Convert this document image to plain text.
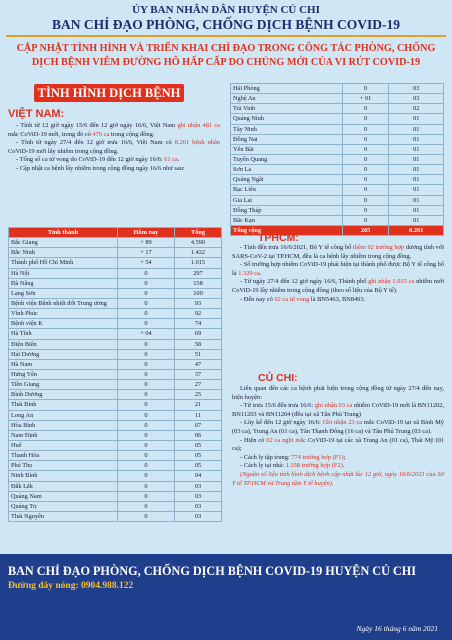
ỦY BAN NHÂN DÂN HUYỆN CỦ CHI
BAN CHỈ ĐẠO PHÒNG, CHỐNG DỊCH BỆNH COVID-19
CẬP NHẬT TÌNH HÌNH VÀ TRIỂN KHAI CHỈ ĐẠO TRONG CÔNG TÁC PHÒNG, CHỐNG
DỊCH BỆNH VIÊM ĐƯỜNG HÔ HẤP CẤP DO CHỦNG MỚI CỦA VI RÚT COVID-19
TÌNH HÌNH DỊCH BỆNH
VIỆT NAM:
- Tính từ 12 giờ ngày 15/6 đến 12 giờ ngày 16/6, Việt Nam ghi nhận 481 ca mắc CoViD-19 mới, trong đó có 476 ca trong cộng đồng.
- Tính từ ngày 27/4 đến 12 giờ trưa 16/6, Việt Nam có 8.261 bệnh nhân CoViD-19 mới lây nhiễm trong cộng đồng.
- Tổng số ca tử vong do CoViD-19 đến 12 giờ ngày 16/6: 61 ca.
- Cập nhật ca bệnh lây nhiễm trong cộng đồng ngày 16/6 như sau:
Tỉnh thành	Hôm nay	Tổng
Bắc Giang	+ 89	4.590
Bắc Ninh	+ 17	1.432
Thành phố Hồ Chí Minh	+ 54	1.015
Hà Nội	0	297
Đà Nẵng	0	158
Lạng Sơn	0	100
Bệnh viện Bệnh nhiệt đới Trung ương	0	93
Vĩnh Phúc	0	92
Bệnh viện K	0	74
Hà Tĩnh	+ 04	69
Điện Biên	0	58
Hải Dương	0	51
Hà Nam	0	47
Hưng Yên	0	37
Tiền Giang	0	27
Bình Dương	0	25
Thái Bình	0	21
Long An	0	11
Hòa Bình	0	07
Nam Định	0	06
Huế	0	05
Thanh Hóa	0	05
Phú Thọ	0	05
Ninh Bình	0	04
Đắk Lắk	0	03
Quảng Nam	0	03
Quảng Trị	0	03
Thái Nguyên	0	03
Hải Phòng	0	03
Nghệ An	+ 01	03
Trà Vinh	0	02
Quảng Ninh	0	01
Tây Ninh	0	01
Đồng Nai	0	01
Yên Bái	0	01
Tuyên Quang	0	01
Sơn La	0	01
Quảng Ngãi	0	01
Bạc Liêu	0	01
Gia Lai	0	01
Đồng Tháp	0	01
Bắc Kạn	0	01
Tổng cộng	265	8.261
TPHCM:
- Tính đến trưa 16/6/2021, Bộ Y tế công bố thêm 92 trường hợp dương tính với SARS-CoV-2 tại TP.HCM, đều là ca bệnh lây nhiễm trong cộng đồng.
- Số trường hợp nhiễm CoViD-19 phát hiện tại thành phố được Bộ Y tế công bố là 1.329 ca.
- Từ ngày 27/4 đến 12 giờ ngày 16/6, Thành phố ghi nhận 1.015 ca nhiễm mới CoViD-19 lây nhiễm trong cộng đồng (theo số liệu của Bộ Y tế).
- Đến nay có 02 ca tử vong là BN5463, BN8493.
CỦ CHI:
Liên quan đến các ca bệnh phát hiện trong cộng đồng từ ngày 27/4 đến nay, hiện huyện:
- Từ trưa 15/6 đến trưa 16/6: ghi nhận 03 ca nhiễm CoViD-19 mới là BN11202, BN11203 và BN11204 (đều tại xã Tân Phú Trung)
- Lũy kế đến 12 giờ ngày 16/6: Ghi nhận 23 ca mắc CoViD-19 tại xã Bình Mỹ (03 ca), Trung An (01 ca), Tân Thạnh Đông (16 ca) và Tân Phú Trung (03 ca).
- Hiện có 02 ca nghi mắc CoViD-19 tại các xã Trung An (01 ca), Thái Mỹ (01 ca);
- Cách ly tập trung: 774 trường hợp (F1);
- Cách ly tại nhà: 1.358 trường hợp (F2).
(Nguồn số liệu tình hình dịch bệnh cập nhật lúc 12 giờ, ngày 16/6/2021 của Sở Y tế TP.HCM và Trung tâm Y tế huyện).
BAN CHỈ ĐẠO PHÒNG, CHỐNG DỊCH BỆNH COVID-19 HUYỆN CỦ CHI
Đường dây nóng: 0904.988.122
Ngày 16 tháng 6 năm 2021
